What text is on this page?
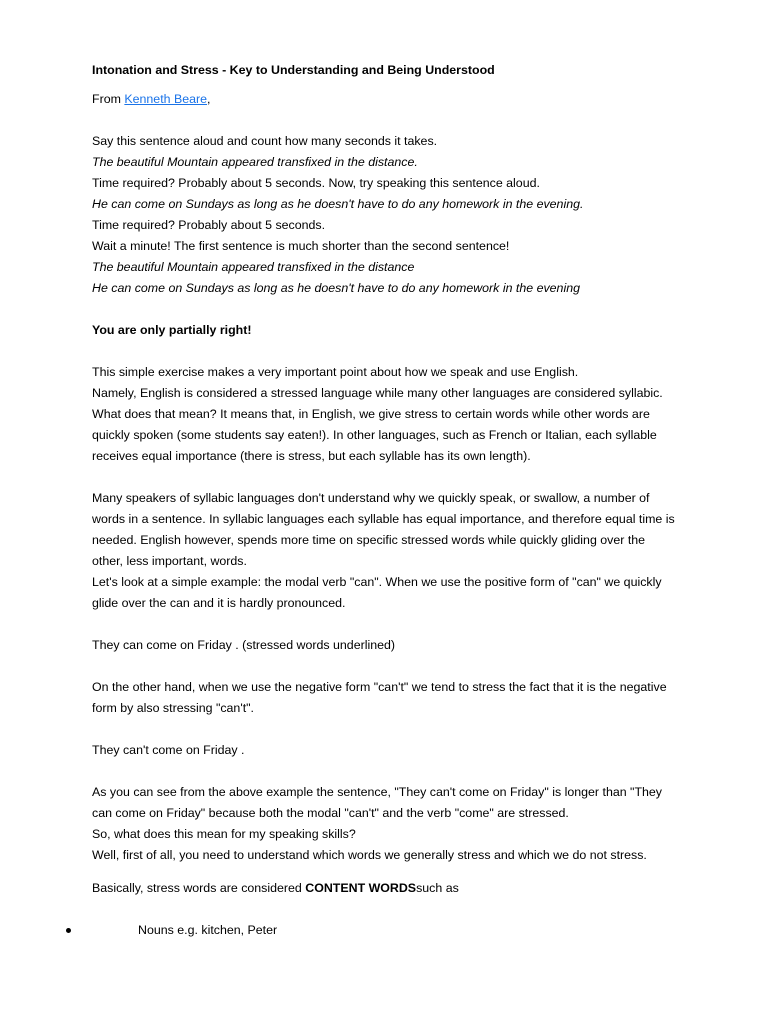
Intonation and Stress - Key to Understanding and Being Understood

From Kenneth Beare,

Say this sentence aloud and count how many seconds it takes.

The beautiful Mountain appeared transfixed in the distance.

Time required? Probably about 5 seconds. Now, try speaking this sentence aloud.

He can come on Sundays as long as he doesn't have to do any homework in the evening.

Time required? Probably about 5 seconds.

Wait a minute! The first sentence is much shorter than the second sentence!

The beautiful Mountain appeared transfixed in the distance

He can come on Sundays as long as he doesn't have to do any homework in the evening

You are only partially right!

This simple exercise makes a very important point about how we speak and use English.

Namely, English is considered a stressed language while many other languages are considered syllabic.

What does that mean? It means that, in English, we give stress to certain words while other words are

quickly spoken (some students say eaten!). In other languages, such as French or Italian, each syllable

receives equal importance (there is stress, but each syllable has its own length).

Many speakers of syllabic languages don't understand why we quickly speak, or swallow, a number of

words in a sentence. In syllabic languages each syllable has equal importance, and therefore equal time is

needed. English however, spends more time on specific stressed words while quickly gliding over the

other, less important, words.

Let's look at a simple example: the modal verb "can". When we use the positive form of "can" we quickly

glide over the can and it is hardly pronounced.

They can come on Friday . (stressed words underlined)

On the other hand, when we use the negative form "can't" we tend to stress the fact that it is the negative

form by also stressing "can't".

They can't come on Friday .

As you can see from the above example the sentence, "They can't come on Friday" is longer than "They

can come on Friday" because both the modal "can't" and the verb "come" are stressed.

So, what does this mean for my speaking skills?

Well, first of all, you need to understand which words we generally stress and which we do not stress.

Basically, stress words are considered CONTENT WORDSsuch as

Nouns e.g. kitchen, Peter
